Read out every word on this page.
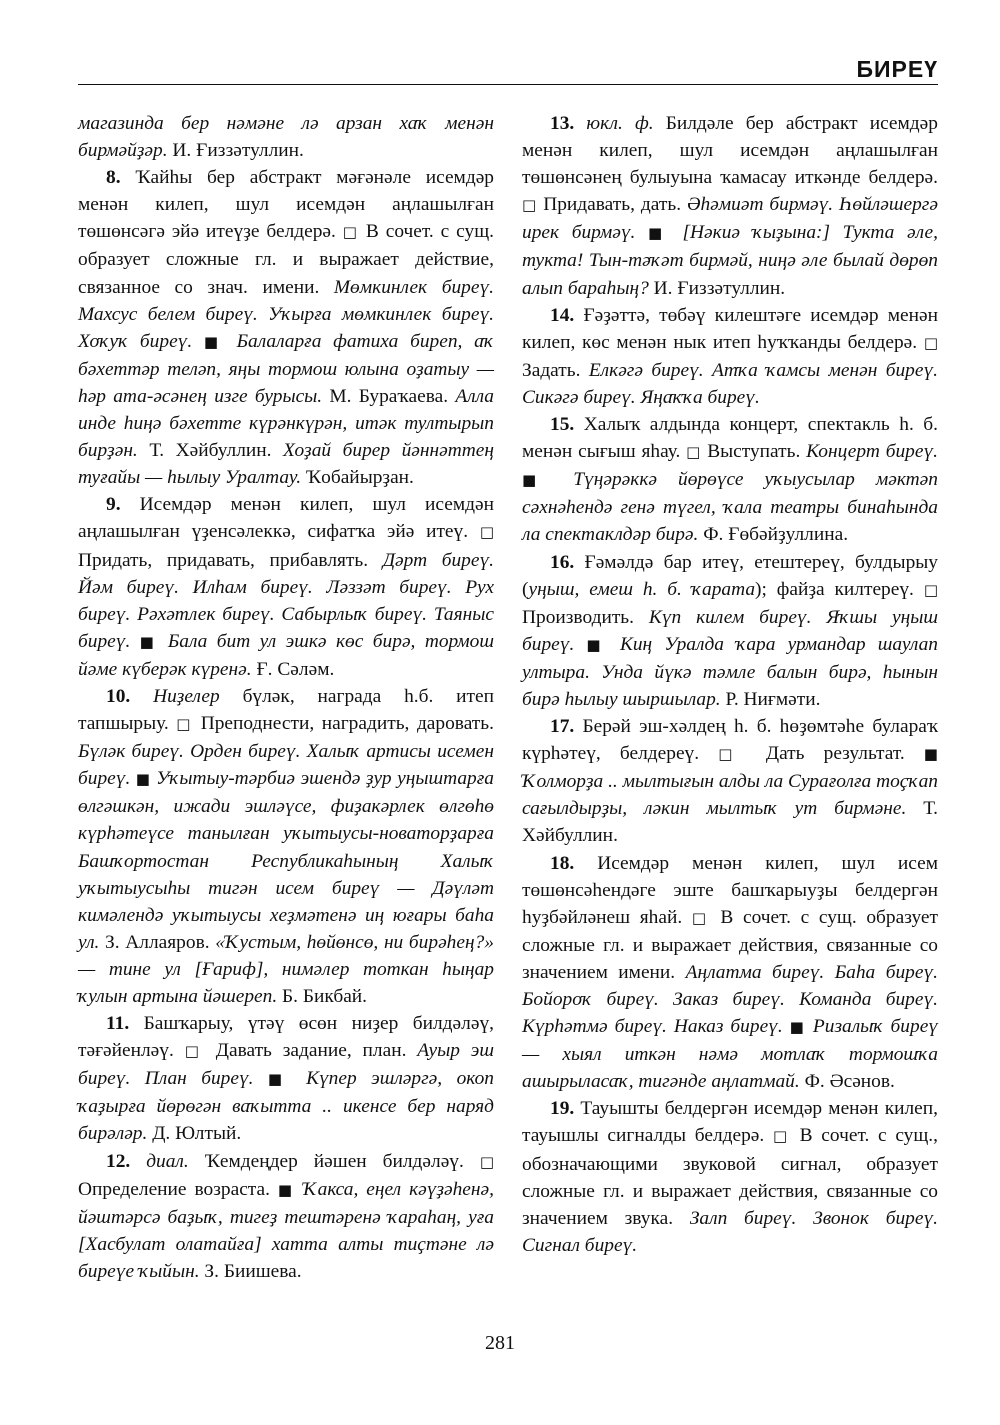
БИРЕҮ

магазинда бер нәмәне лә арзан хаҡ менән бирмәйҙәр. И. Ғиззәтуллин.

8. Ҡайһы бер абстракт мәғәнәле исемдәр менән килеп, шул исемдән аңлашылған төшөнсәгә эйә итеүҙе белдерә. □ В сочет. с сущ. образует сложные гл. и выражает действие, связанное со знач. имени. Мөмкинлек биреү. Махсус белем биреү. Уҡырға мөмкинлек биреү. Хоҡуҡ биреү. ■ Балаларға фатиха биреп, аҡ бәхеттәр теләп, яңы тормош юлына оҙатыу — һәр ата-әсәнең изге бурысы. М. Бураҡаева. Алла инде һиңә бәхетте күрәнкүрән, итәк тултырып бирҙән. Т. Хәйбуллин. Хоҙай бирер йәннәттең туғайы — һылыу Уралтау. Ҡобайырҙан.

9. Исемдәр менән килеп, шул исемдән аңлашылған үҙенсәлеккә, сифатҡа эйә итеү. □ Придать, придавать, прибавлять. Дәрт биреү. Йәм биреү. Илһам биреү. Ләззәт биреү. Рух биреү. Рәхәтлек биреү. Сабырлыҡ биреү. Таяныс биреү. ■ Бала бит ул эшкә көс бирә, тормош йәме күберәк күренә. Ғ. Сәләм.

10. Ниҙелер бүләк, награда һ.б. итеп тапшырыу. □ Преподнести, наградить, даровать. Бүләк биреү. Орден биреү. Халыҡ артисы исемен биреү. ■ Уҡытыу-тәрбиә эшендә ҙур уңыштарға өлгәшкән, ижади эшләүсе, фиҙакәрлек өлгөһө күрһәтеүсе танылған уҡытыусы-новаторҙарға Башҡортостан Республикаһының Халыҡ уҡытыусыһы тигән исем биреү — Дәүләт кимәлендә уҡытыусы хеҙмәтенә иң юғары баһа ул. З. Аллаяров. «Ҡустым, һөйөнсө, ни бирәһең?» — тине ул [Ғариф], нимәлер тоткан һыңар ҡулын артына йәшереп. Б. Бикбай.

11. Башҡарыу, үтәү өсөн ниҙер билдәләү, тәғәйенләү. □ Давать задание, план. Ауыр эш биреү. План биреү. ■ Күпер эшләргә, окоп ҡаҙырға йөрөгән ваҡытта .. икенсе бер наряд бирәләр. Д. Юлтый.

12. диал. Ҡемдеңдер йәшен билдәләү. □ Определение возраста. ■ Ҡакса, еңел кәүҙәһенә, йәштәрсә баҙыҡ, тигеҙ тештәренә ҡараһаң, уға [Хасбулат олатайға] хатта алты тиҫтәне лә биреүе ҡыйын. З. Биишева.

13. юкл. ф. Билдәле бер абстракт исемдәр менән килеп, шул исемдән аңлашылған төшөнсәнең булыуына ҡамасау иткәнде белдерә. □ Придавать, дать. Әһәмиәт бирмәү. Һөйләшергә ирек бирмәү. ■ [Нәкиә ҡыҙына:] Тукта әле, тукта! Тын-тәҡәт бирмәй, ниңә әле былай дөрөп алып бараһың? И. Ғиззәтуллин.

14. Ғәҙәттә, төбәү килештәге исемдәр менән килеп, көс менән нык итеп һуҡҡанды белдерә. □ Задать. Елкәгә биреү. Атҡа ҡамсы менән биреү. Сикәгә биреү. Яңаҡҡа биреү.

15. Халыҡ алдында концерт, спектакль һ. б. менән сығыш яһау. □ Выступать. Концерт биреү. ■ Түңәрәккә йөрөүсе уҡыусылар мәктәп сәхнәһендә генә түгел, ҡала театры бинаһында ла спектаклдәр бирә. Ф. Ғөбәйҙуллина.

16. Ғәмәлдә бар итеү, етештереү, булдырыу (уңыш, емеш һ. б. ҡарата); файҙа килтереү. □ Производить. Күп килем биреү. Яҡшы уңыш биреү. ■ Киң Уралда ҡара урмандар шаулап ултыра. Унда йүкә тәмле балын бирә, һынын бирә һылыу шыршылар. Р. Ниғмәти.

17. Берәй эш-хәлдең һ. б. һөҙөмтәһе булараҡ күрһәтеү, белдереү. □ Дать результат. ■ Ҡолморҙа .. мылтығын алды ла Сурағолға тоҫҡап сағылдырҙы, ләкин мылтыҡ ут бирмәне. Т. Хәйбуллин.

18. Исемдәр менән килеп, шул исем төшөнсәһендәге эште башҡарыуҙы белдергән һуҙбәйләнеш яһай. □ В сочет. с сущ. образует сложные гл. и выражает действия, связанные со значением имени. Аңлатма биреү. Баһа биреү. Бойороҡ биреү. Заказ биреү. Команда биреү. Күрһәтмә биреү. Наказ биреү. ■ Ризалыҡ биреү — хыял иткән нәмә мотлаҡ тормошҡа ашырыласаҡ, тигәнде аңлатмай. Ф. Әсәнов.

19. Тауышты белдергән исемдәр менән килеп, тауышлы сигналды белдерә. □ В сочет. с сущ., обозначающими звуковой сигнал, образует сложные гл. и выражает действия, связанные со значением звука. Залп биреү. Звонок биреү. Сигнал биреү.

281
